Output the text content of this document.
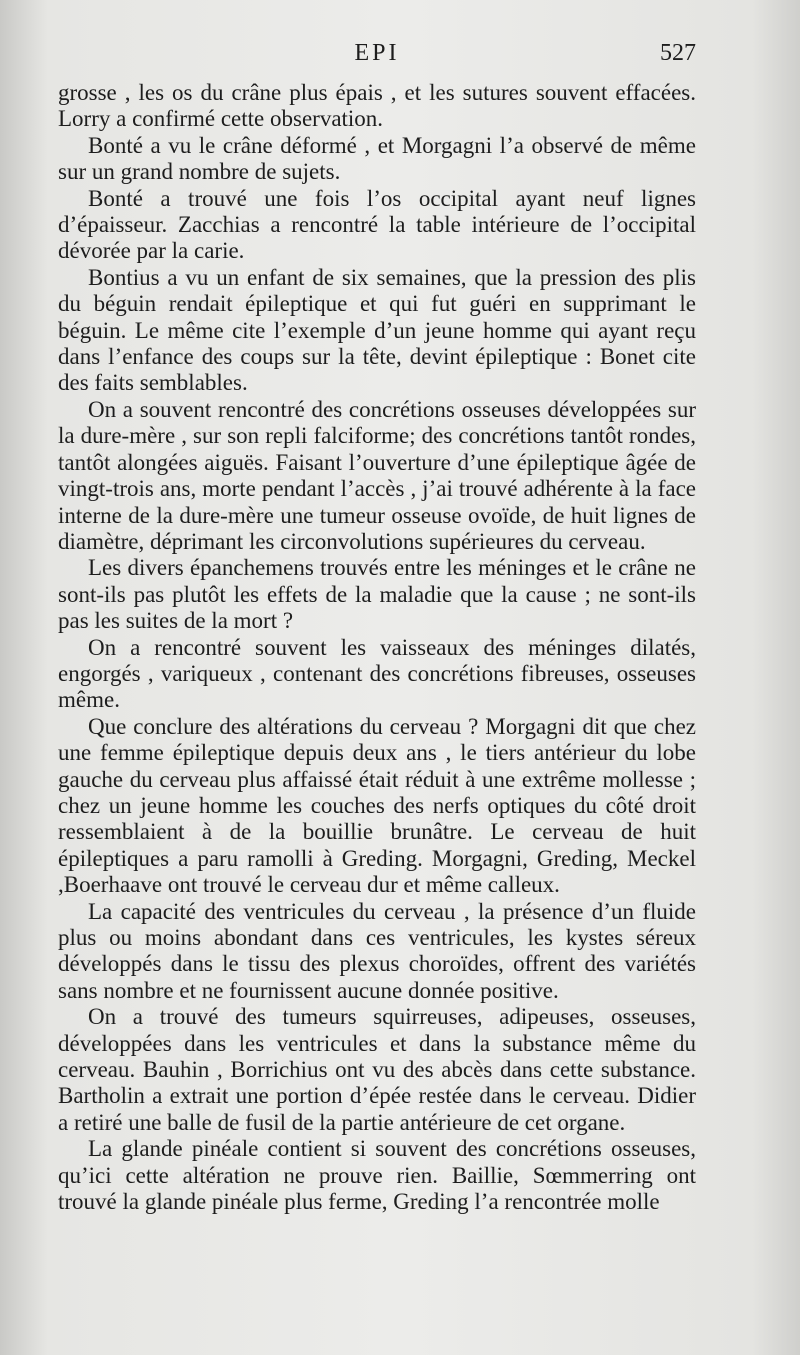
EPI	527

grosse , les os du crâne plus épais , et les sutures souvent effacées. Lorry a confirmé cette observation.

Bonté a vu le crâne déformé , et Morgagni l’a observé de même sur un grand nombre de sujets.

Bonté a trouvé une fois l’os occipital ayant neuf lignes d’épaisseur. Zacchias a rencontré la table intérieure de l’occipital dévorée par la carie.

Bontius a vu un enfant de six semaines, que la pression des plis du béguin rendait épileptique et qui fut guéri en supprimant le béguin. Le même cite l’exemple d’un jeune homme qui ayant reçu dans l’enfance des coups sur la tête, devint épileptique : Bonet cite des faits semblables.

On a souvent rencontré des concrétions osseuses développées sur la dure-mère , sur son repli falciforme; des concrétions tantôt rondes, tantôt alongées aiguës. Faisant l’ouverture d’une épileptique âgée de vingt-trois ans, morte pendant l’accès , j’ai trouvé adhérente à la face interne de la dure-mère une tumeur osseuse ovoïde, de huit lignes de diamètre, déprimant les circonvolutions supérieures du cerveau.

Les divers épanchemens trouvés entre les méninges et le crâne ne sont-ils pas plutôt les effets de la maladie que la cause ; ne sont-ils pas les suites de la mort ?

On a rencontré souvent les vaisseaux des méninges dilatés, engorgés , variqueux , contenant des concrétions fibreuses, osseuses même.

Que conclure des altérations du cerveau ? Morgagni dit que chez une femme épileptique depuis deux ans , le tiers antérieur du lobe gauche du cerveau plus affaissé était réduit à une extrême mollesse ; chez un jeune homme les couches des nerfs optiques du côté droit ressemblaient à de la bouillie brunâtre. Le cerveau de huit épileptiques a paru ramolli à Greding. Morgagni, Greding, Meckel ,Boerhaave ont trouvé le cerveau dur et même calleux.

La capacité des ventricules du cerveau , la présence d’un fluide plus ou moins abondant dans ces ventricules, les kystes séreux développés dans le tissu des plexus choroïdes, offrent des variétés sans nombre et ne fournissent aucune donnée positive.

On a trouvé des tumeurs squirreuses, adipeuses, osseuses, développées dans les ventricules et dans la substance même du cerveau. Bauhin , Borrichius ont vu des abcès dans cette substance. Bartholin a extrait une portion d’épée restée dans le cerveau. Didier a retiré une balle de fusil de la partie antérieure de cet organe.

La glande pinéale contient si souvent des concrétions osseuses, qu’ici cette altération ne prouve rien. Baillie, Sœmmerring ont trouvé la glande pinéale plus ferme, Greding l’a rencontrée molle
